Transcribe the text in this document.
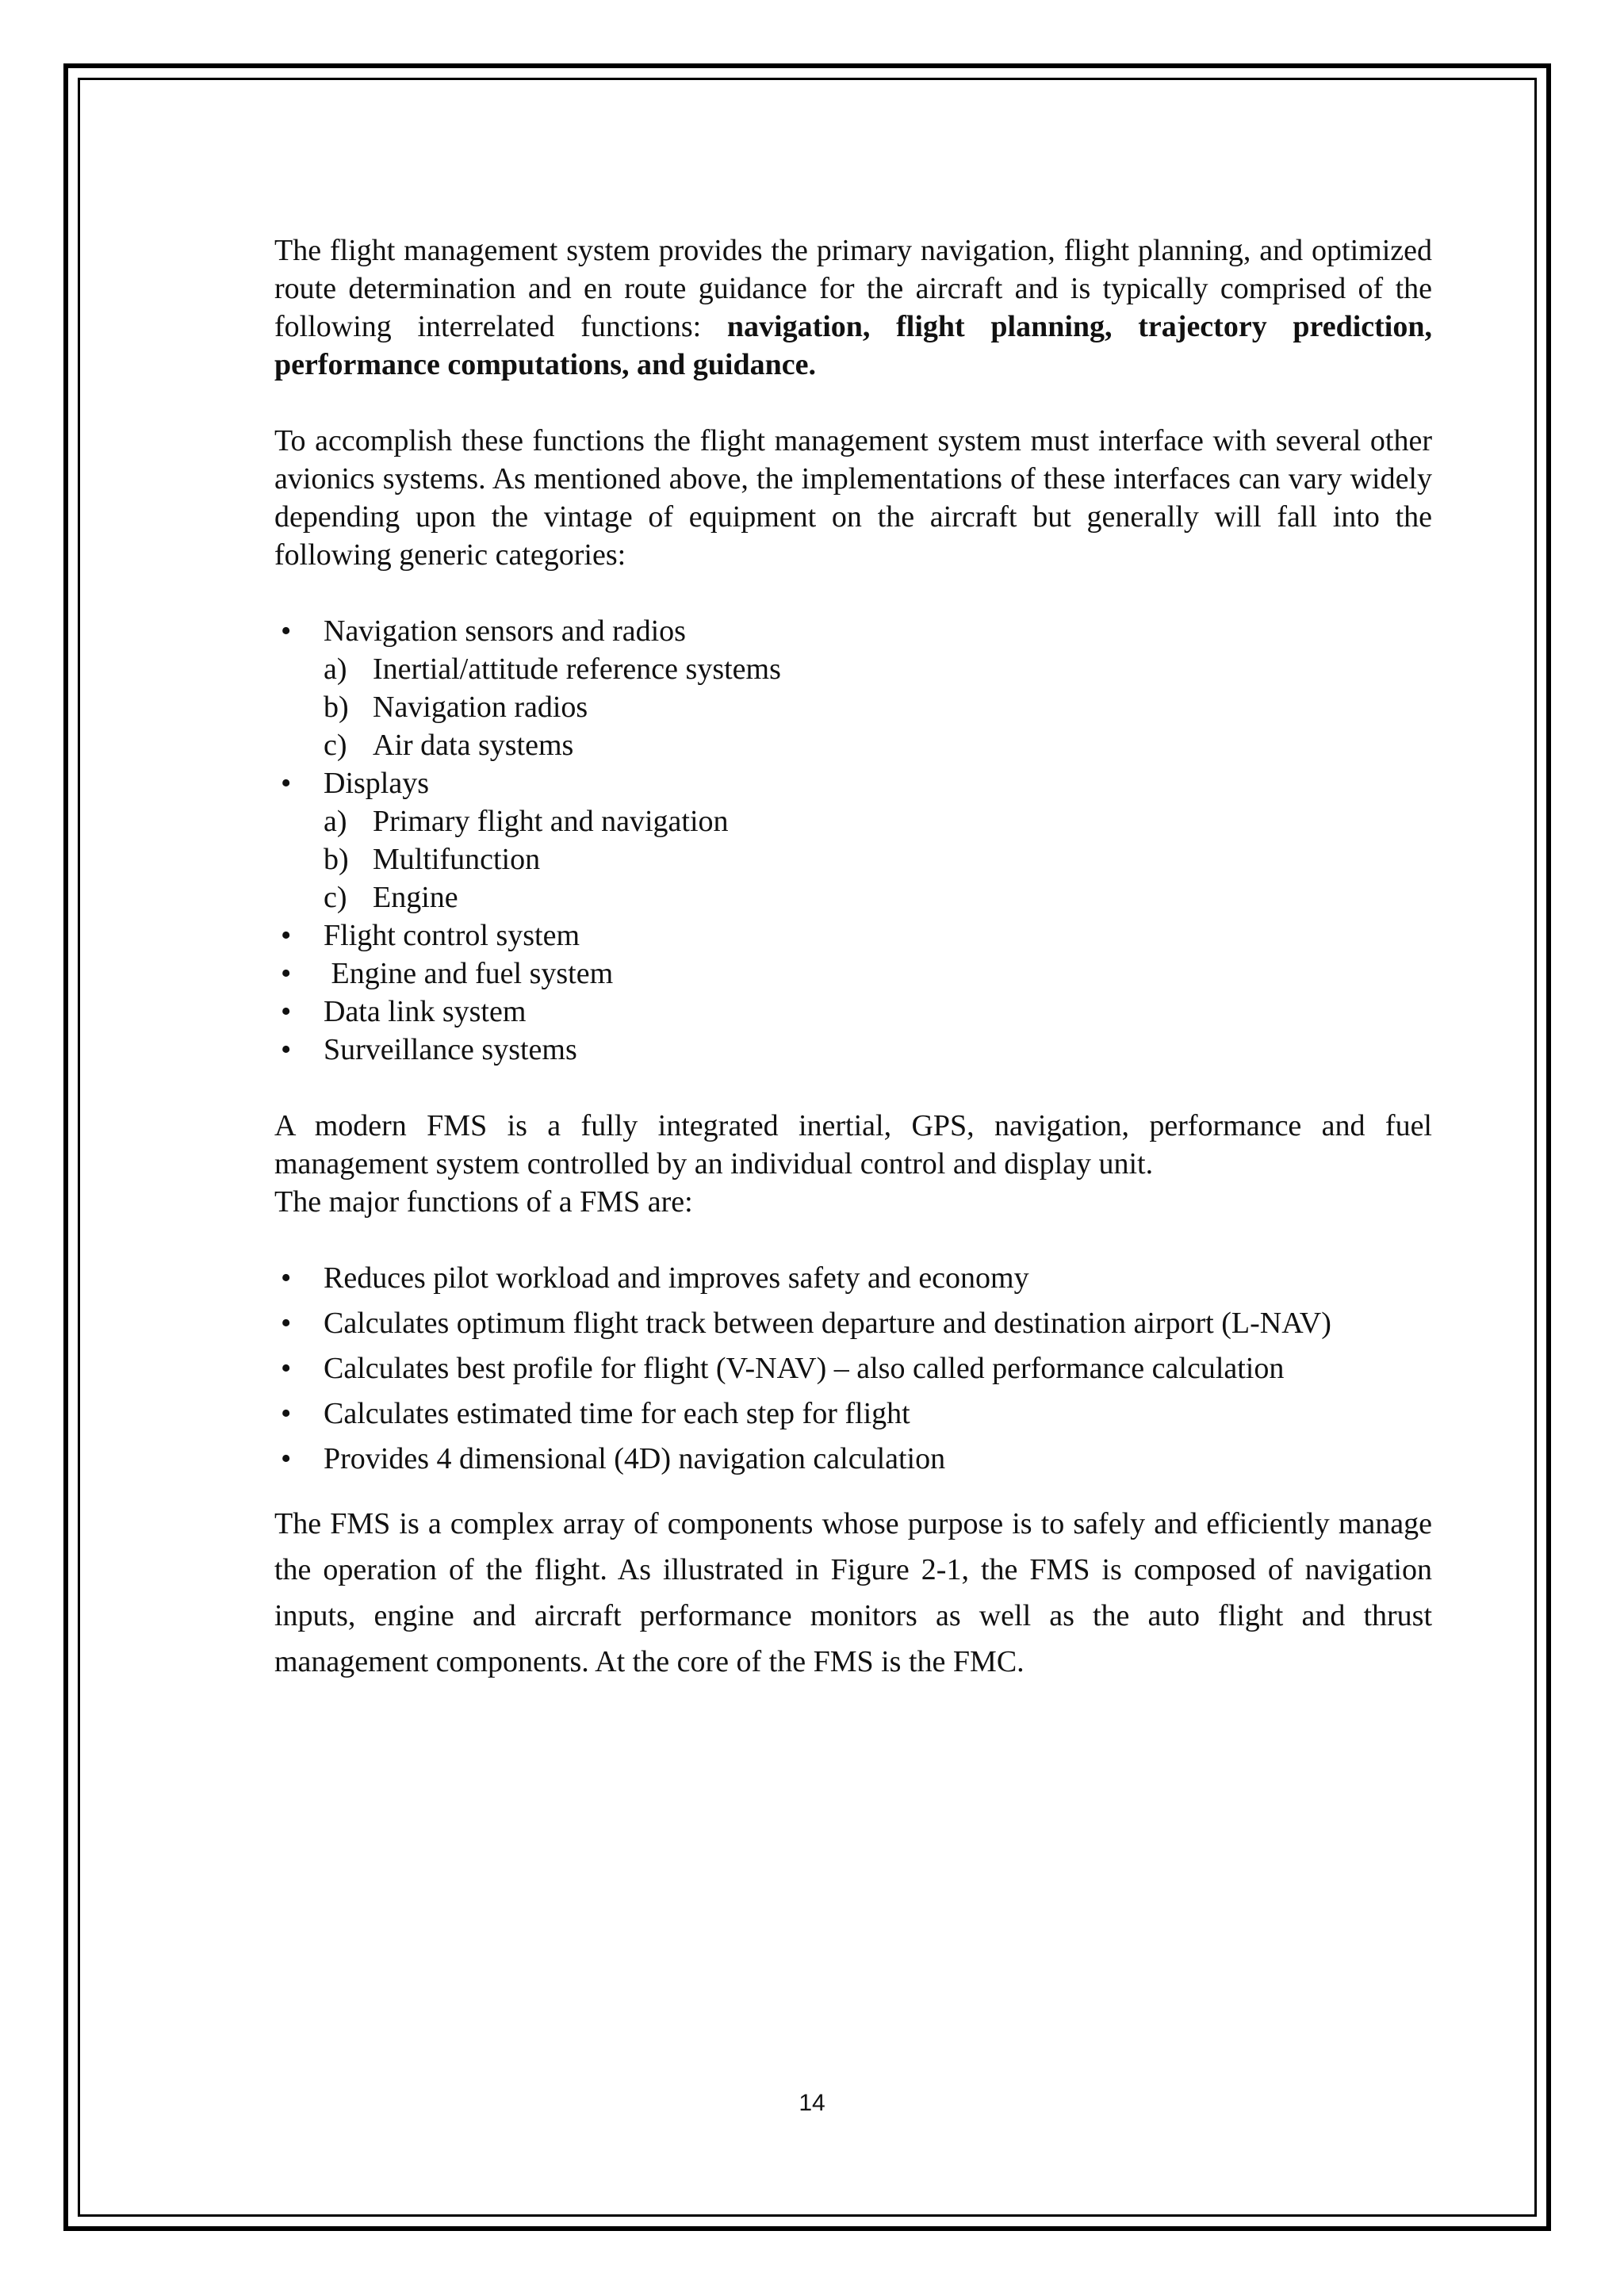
The flight management system provides the primary navigation, flight planning, and optimized route determination and en route guidance for the aircraft and is typically comprised of the following interrelated functions: navigation, flight planning, trajectory prediction, performance computations, and guidance.

To accomplish these functions the flight management system must interface with several other avionics systems. As mentioned above, the implementations of these interfaces can vary widely depending upon the vintage of equipment on the aircraft but generally will fall into the following generic categories:

•	Navigation sensors and radios
a) Inertial/attitude reference systems
b) Navigation radios
c) Air data systems
•	Displays
a) Primary flight and navigation
b) Multifunction
c) Engine
•	Flight control system
•	Engine and fuel system
•	Data link system
•	Surveillance systems

A modern FMS is a fully integrated inertial, GPS, navigation, performance and fuel management system controlled by an individual control and display unit.

The major functions of a FMS are:

•	Reduces pilot workload and improves safety and economy
•	Calculates optimum flight track between departure and destination airport (L-NAV)
•	Calculates best profile for flight (V-NAV) – also called performance calculation
•	Calculates estimated time for each step for flight
•	Provides 4 dimensional (4D) navigation calculation

The FMS is a complex array of components whose purpose is to safely and efficiently manage the operation of the flight. As illustrated in Figure 2-1, the FMS is composed of navigation inputs, engine and aircraft performance monitors as well as the auto flight and thrust management components. At the core of the FMS is the FMC.

14
